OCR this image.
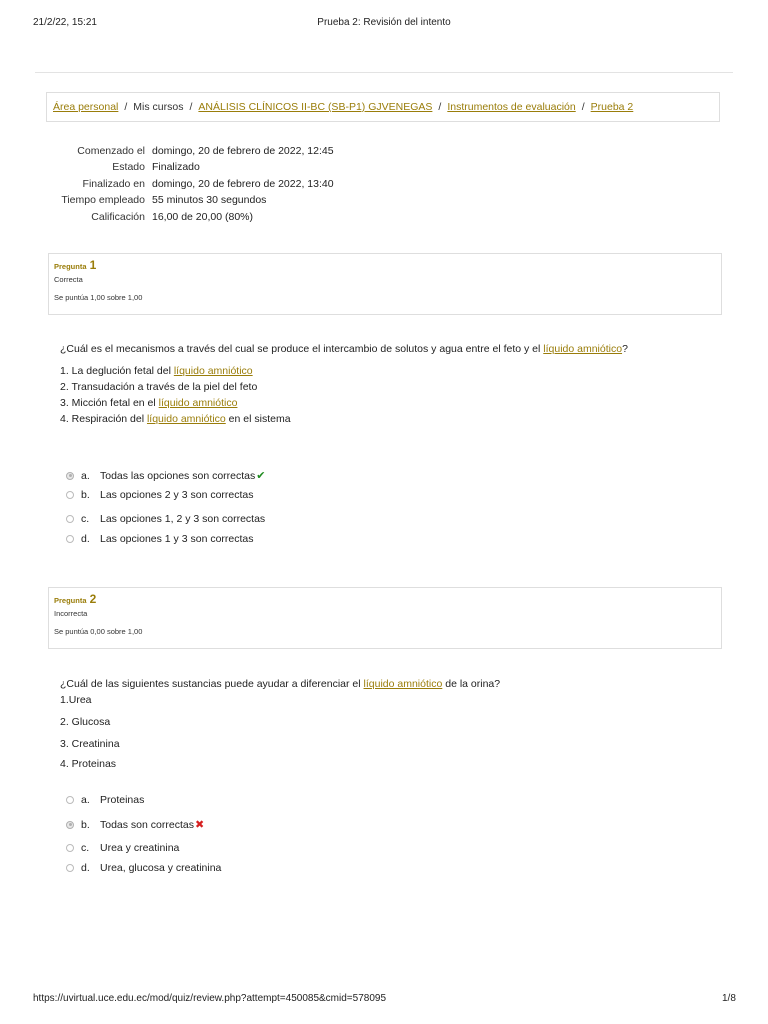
21/2/22, 15:21	Prueba 2: Revisión del intento
Área personal / Mis cursos / ANÁLISIS CLÍNICOS II-BC (SB-P1) GJVENEGAS / Instrumentos de evaluación / Prueba 2
Comenzado el	domingo, 20 de febrero de 2022, 12:45
Estado	Finalizado
Finalizado en	domingo, 20 de febrero de 2022, 13:40
Tiempo empleado	55 minutos 30 segundos
Calificación	16,00 de 20,00 (80%)
Pregunta 1
Correcta
Se puntúa 1,00 sobre 1,00
¿Cuál es el mecanismos a través del cual se produce el intercambio de solutos y agua entre el feto y el líquido amniótico?
1. La deglución fetal del líquido amniótico
2. Transudación a través de la piel del feto
3. Micción fetal en el líquido amniótico
4. Respiración del líquido amniótico en el sistema
a. Todas las opciones son correctas ✔
b. Las opciones 2 y 3 son correctas
c.	Las opciones 1, 2 y 3 son correctas
d. Las opciones 1 y 3 son correctas
Pregunta 2
Incorrecta
Se puntúa 0,00 sobre 1,00
¿Cuál de las siguientes sustancias puede ayudar a diferenciar el líquido amniótico de la orina?
1.Urea
2. Glucosa
3. Creatinina
4. Proteinas
a. Proteinas
b. Todas son correctas ✖
c.	Urea y creatinina
d. Urea, glucosa y creatinina
https://uvirtual.uce.edu.ec/mod/quiz/review.php?attempt=450085&cmid=578095	1/8
